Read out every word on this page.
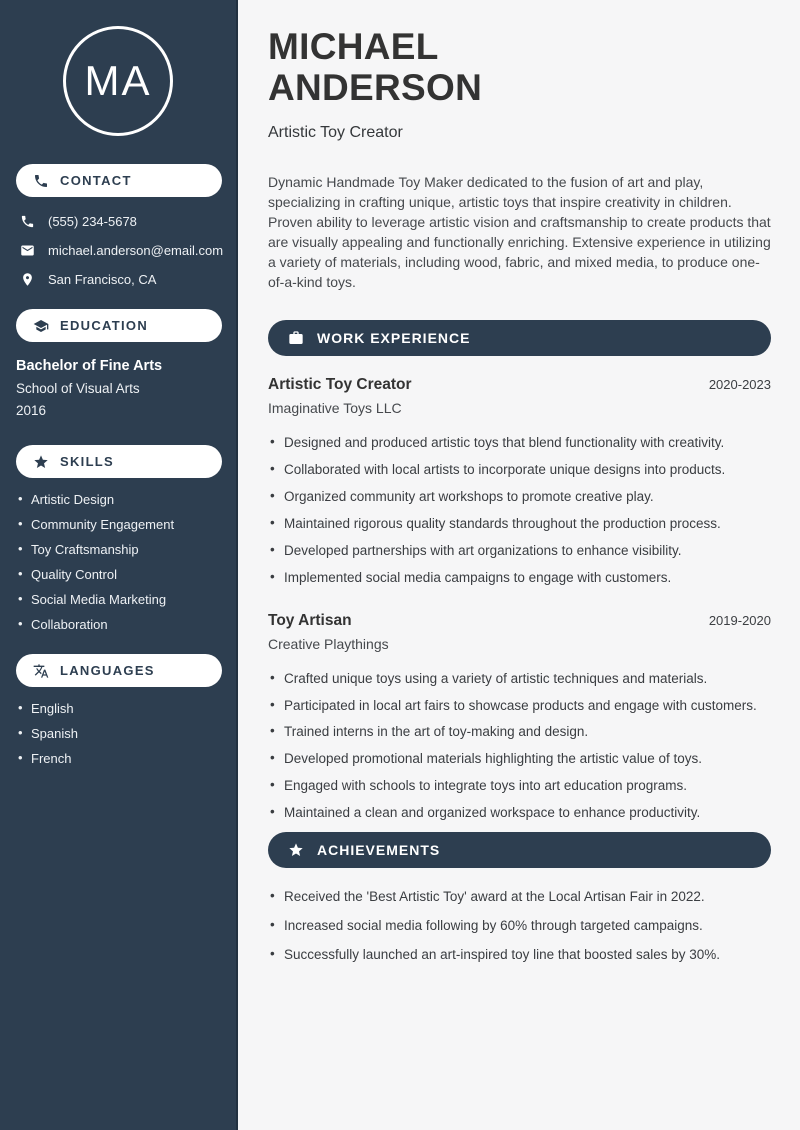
MA
CONTACT
(555) 234-5678
michael.anderson@email.com
San Francisco, CA
EDUCATION
Bachelor of Fine Arts
School of Visual Arts
2016
SKILLS
• Artistic Design
• Community Engagement
• Toy Craftsmanship
• Quality Control
• Social Media Marketing
• Collaboration
LANGUAGES
• English
• Spanish
• French
MICHAEL
ANDERSON
Artistic Toy Creator

Dynamic Handmade Toy Maker dedicated to the fusion of art and play, specializing in crafting unique, artistic toys that inspire creativity in children. Proven ability to leverage artistic vision and craftsmanship to create products that are visually appealing and functionally enriching. Extensive experience in utilizing a variety of materials, including wood, fabric, and mixed media, to produce one-of-a-kind toys.

WORK EXPERIENCE
Artistic Toy Creator	2020-2023
Imaginative Toys LLC
• Designed and produced artistic toys that blend functionality with creativity.
• Collaborated with local artists to incorporate unique designs into products.
• Organized community art workshops to promote creative play.
• Maintained rigorous quality standards throughout the production process.
• Developed partnerships with art organizations to enhance visibility.
• Implemented social media campaigns to engage with customers.
Toy Artisan	2019-2020
Creative Playthings
• Crafted unique toys using a variety of artistic techniques and materials.
• Participated in local art fairs to showcase products and engage with customers.
• Trained interns in the art of toy-making and design.
• Developed promotional materials highlighting the artistic value of toys.
• Engaged with schools to integrate toys into art education programs.
• Maintained a clean and organized workspace to enhance productivity.
ACHIEVEMENTS
• Received the 'Best Artistic Toy' award at the Local Artisan Fair in 2022.
• Increased social media following by 60% through targeted campaigns.
• Successfully launched an art-inspired toy line that boosted sales by 30%.
